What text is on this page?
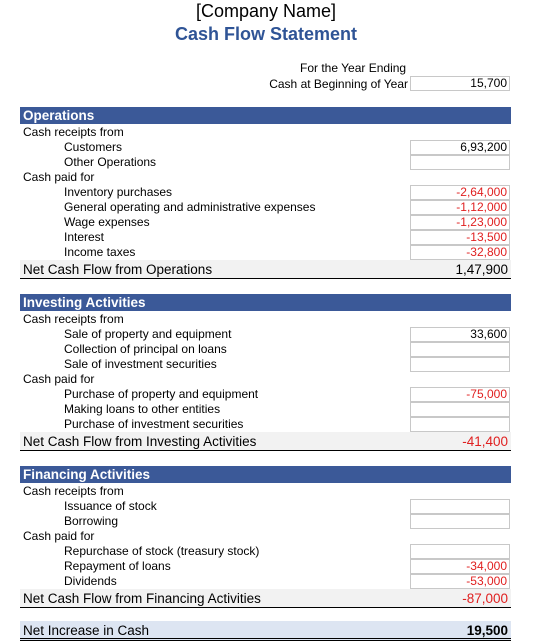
[Company Name]
Cash Flow Statement
For the Year Ending
Cash at Beginning of Year	15,700
Operations
Cash receipts from
Customers	6,93,200
Other Operations
Cash paid for
Inventory purchases	-2,64,000
General operating and administrative expenses	-1,12,000
Wage expenses	-1,23,000
Interest	-13,500
Income taxes	-32,800
Net Cash Flow from Operations	1,47,900
Investing Activities
Cash receipts from
Sale of property and equipment	33,600
Collection of principal on loans
Sale of investment securities
Cash paid for
Purchase of property and equipment	-75,000
Making loans to other entities
Purchase of investment securities
Net Cash Flow from Investing Activities	-41,400
Financing Activities
Cash receipts from
Issuance of stock
Borrowing
Cash paid for
Repurchase of stock (treasury stock)
Repayment of loans	-34,000
Dividends	-53,000
Net Cash Flow from Financing Activities	-87,000
Net Increase in Cash	19,500
